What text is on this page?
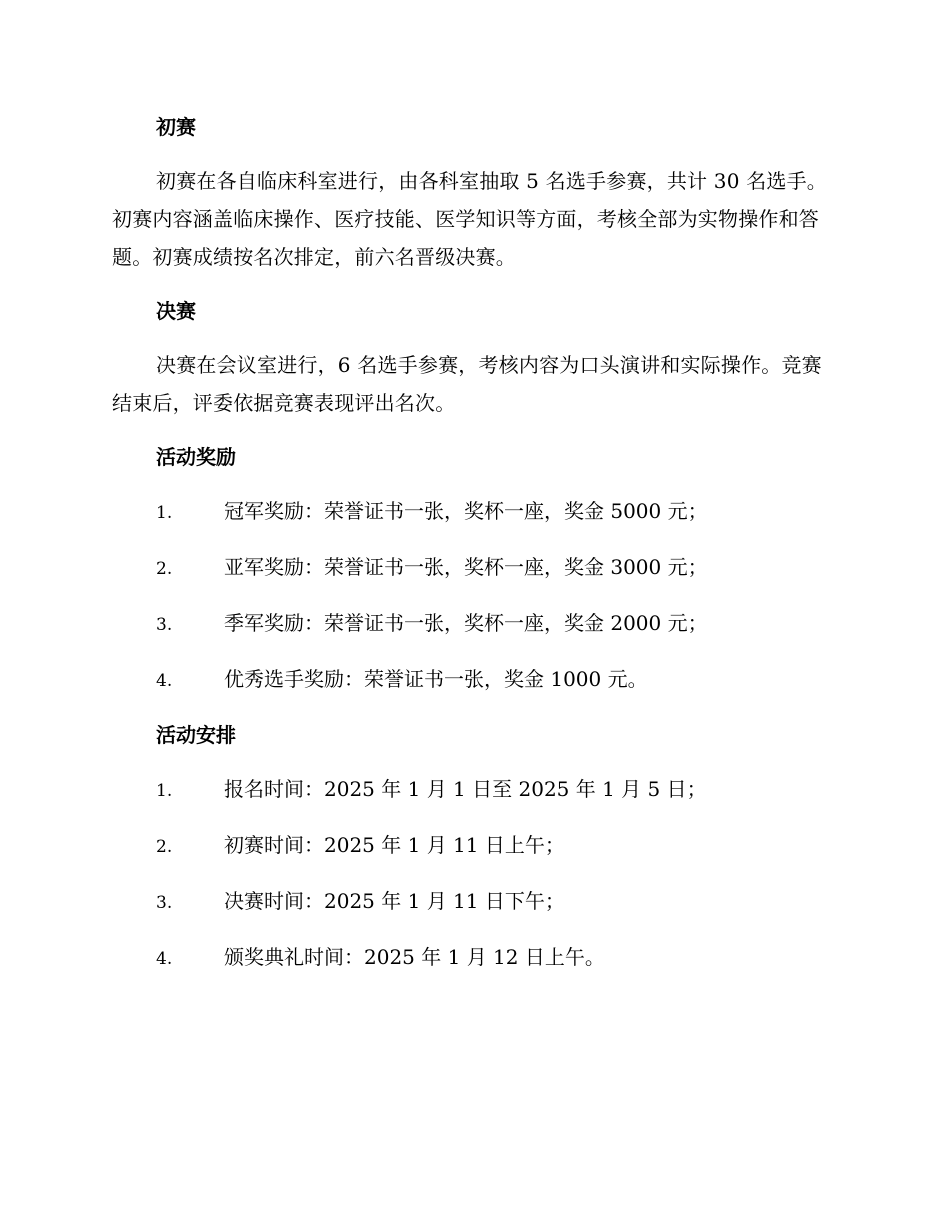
初赛

初赛在各自临床科室进行，由各科室抽取 5 名选手参赛，共计 30 名选手。初赛内容涵盖临床操作、医疗技能、医学知识等方面，考核全部为实物操作和答题。初赛成绩按名次排定，前六名晋级决赛。

决赛

决赛在会议室进行，6 名选手参赛，考核内容为口头演讲和实际操作。竞赛结束后，评委依据竞赛表现评出名次。

活动奖励
1.	冠军奖励：荣誉证书一张，奖杯一座，奖金 5000 元；
2.	亚军奖励：荣誉证书一张，奖杯一座，奖金 3000 元；
3.	季军奖励：荣誉证书一张，奖杯一座，奖金 2000 元；
4.	优秀选手奖励：荣誉证书一张，奖金 1000 元。
活动安排
1.	报名时间：2025 年 1 月 1 日至 2025 年 1 月 5 日；
2.	初赛时间：2025 年 1 月 11 日上午；
3.	决赛时间：2025 年 1 月 11 日下午；
4.	颁奖典礼时间：2025 年 1 月 12 日上午。
